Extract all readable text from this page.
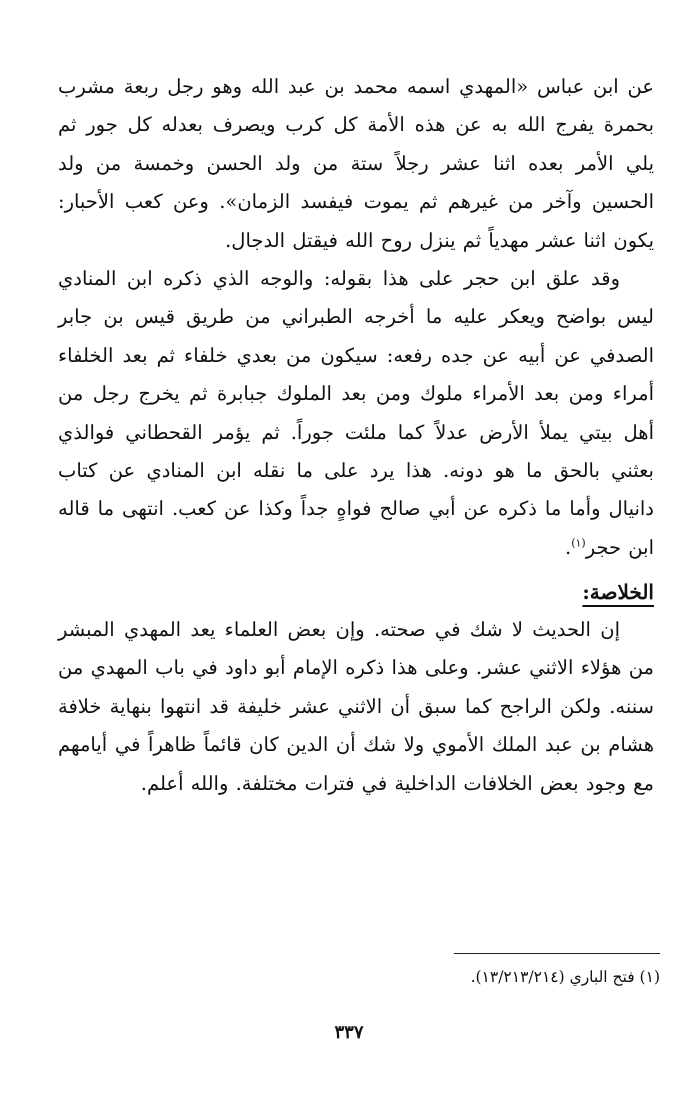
عن ابن عباس «المهدي اسمه محمد بن عبد الله وهو رجل ربعة مشرب بحمرة يفرج الله به عن هذه الأمة كل كرب ويصرف بعدله كل جور ثم يلي الأمر بعده اثنا عشر رجلاً ستة من ولد الحسن وخمسة من ولد الحسين وآخر من غيرهم ثم يموت فيفسد الزمان». وعن كعب الأحبار: يكون اثنا عشر مهدياً ثم ينزل روح الله فيقتل الدجال.

وقد علق ابن حجر على هذا بقوله: والوجه الذي ذكره ابن المنادي ليس بواضح ويعكر عليه ما أخرجه الطبراني من طريق قيس بن جابر الصدفي عن أبيه عن جده رفعه: سيكون من بعدي خلفاء ثم بعد الخلفاء أمراء ومن بعد الأمراء ملوك ومن بعد الملوك جبابرة ثم يخرج رجل من أهل بيتي يملأ الأرض عدلاً كما ملئت جوراً. ثم يؤمر القحطاني فوالذي بعثني بالحق ما هو دونه. هذا يرد على ما نقله ابن المنادي عن كتاب دانيال وأما ما ذكره عن أبي صالح فواهٍ جداً وكذا عن كعب. انتهى ما قاله ابن حجر$^{(١)}$.

الخلاصة:

إن الحديث لا شك في صحته. وإن بعض العلماء يعد المهدي المبشر من هؤلاء الاثني عشر. وعلى هذا ذكره الإمام أبو داود في باب المهدي من سننه. ولكن الراجح كما سبق أن الاثني عشر خليفة قد انتهوا بنهاية خلافة هشام بن عبد الملك الأموي ولا شك أن الدين كان قائماً ظاهراً في أيامهم مع وجود بعض الخلافات الداخلية في فترات مختلفة. والله أعلم.

(١) فتح الباري (١٣/٢١٣/٢١٤).

٣٣٧
